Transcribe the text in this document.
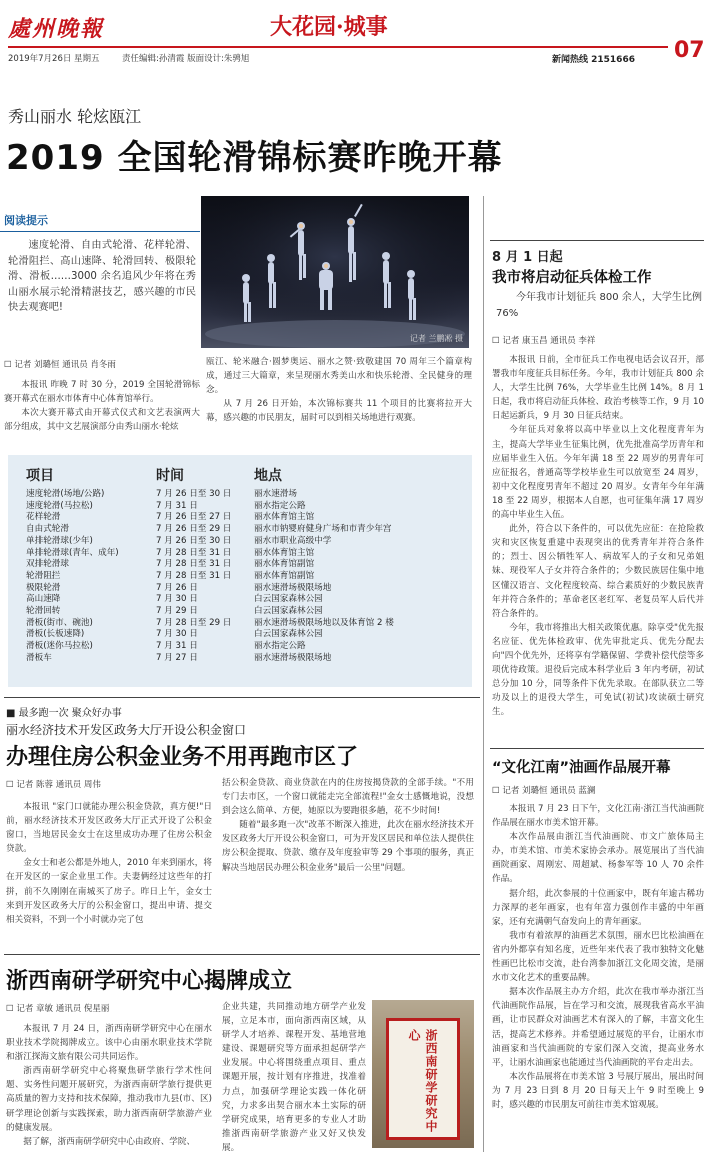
處州晚報	大花园·城事
2019年7月26日 星期五	责任编辑:孙清霞 版面设计:朱骋旭	新闻热线 2151666 07
秀山丽水 轮炫瓯江
2019 全国轮滑锦标赛昨晚开幕
阅读提示
速度轮滑、自由式轮滑、花样轮滑、轮滑阻拦、高山速降、轮滑回转、极限轮滑、滑板……3000 余名追风少年将在秀山丽水展示轮滑精湛技艺，感兴趣的市民快去观赛吧!
记者 兰鹏凇 摄
☐ 记者 刘璐恒 通讯员 肖冬雨
本报讯 昨晚 7 时 30 分，2019 全国轮滑锦标赛开幕式在丽水市体育中心体育馆举行。
本次大赛开幕式由开幕式仪式和文艺表演两大部分组成，其中文艺展演部分由秀山丽水·轮炫
瓯江、轮米融合·圆梦奥运、丽水之赞·致敬建国 70 周年三个篇章构成，通过三大篇章，来呈现丽水秀美山水和快乐轮滑、全民健身的理念。
从 7 月 26 日开始，本次锦标赛共 11 个项目的比赛将拉开大幕，感兴趣的市民朋友，届时可以到相关场地进行观赛。
项目	时间	地点
速度轮滑(场地/公路)	7 月 26 日至 30 日	丽水速滑场
速度轮滑(马拉松)	7 月 31 日	丽水指定公路
花样轮滑	7 月 26 日至 27 日	丽水体育馆主馆
自由式轮滑	7 月 26 日至 29 日	丽水市钠婴府健身广场和市青少年宫
单排轮滑球(少年)	7 月 26 日至 30 日	丽水市职业高级中学
单排轮滑球(青年、成年)	7 月 28 日至 31 日	丽水体育馆主馆
双排轮滑球	7 月 28 日至 31 日	丽水体育馆副馆
轮滑阻拦	7 月 28 日至 31 日	丽水体育馆副馆
极限轮滑	7 月 26 日	丽水速滑场极限场地
高山速降	7 月 30 日	白云国家森林公园
轮滑回转	7 月 29 日	白云国家森林公园
滑板(街市、碗池)	7 月 28 日至 29 日	丽水速滑场极限场地以及体育馆 2 楼
滑板(长板速降)	7 月 30 日	白云国家森林公园
滑板(迷你马拉松)	7 月 31 日	丽水指定公路
滑板车	7 月 27 日	丽水速滑场极限场地
■ 最多跑一次 聚众好办事
丽水经济技术开发区政务大厅开设公积金窗口
办理住房公积金业务不用再跑市区了
☐ 记者 陈蓉 通讯员 周伟
本报讯 "家门口就能办理公积金贷款，真方便!"日前，丽水经济技术开发区政务大厅正式开设了公积金窗口，当地居民金女士在这里成功办理了住房公积金贷款。
金女士和老公都是外地人，2010 年来到丽水，将在开发区的一家企业里工作。夫妻俩经过这些年的打拼，前不久刚刚在南城买了房子。昨日上午，金女士来到开发区政务大厅的公积金窗口，提出申请、提交相关资料，不到一个小时就办完了包
括公积金贷款、商业贷款在内的住房按揭贷款的全部手续。"不用专门去市区，一个窗口就能走完全部流程!"金女士感慨地说，没想到会这么简单、方便，她原以为要跑很多趟，花不少时间!
随着"最多跑一次"改革不断深入推进，此次在丽水经济技术开发区政务大厅开设公积金窗口，可为开发区居民和单位法人提供住房公积金提取、贷款、缴存及年度验审等 29 个事项的服务，真正解决当地居民办理公积金业务"最后一公里"问题。
浙西南研学研究中心揭牌成立
☐ 记者 章敏 通讯员 倪星丽
本报讯 7 月 24 日，浙西南研学研究中心在丽水职业技术学院揭牌成立。该中心由丽水职业技术学院和浙江探海文旅有限公司共同运作。
浙西南研学研究中心将聚焦研学旅行学术性问题、实务性问题开展研究，为浙西南研学旅行提供更高质量的智力支持和技术保障，推动我市九县(市、区)研学理论创新与实践探索，助力浙西南研学旅游产业的健康发展。
据了解，浙西南研学研究中心由政府、学院、
企业共建，共同推动地方研学产业发展，立足本市，面向浙西南区域，从研学人才培养、课程开发、基地营地建设、课题研究等方面承担起研学产业发展。中心将围绕重点项目、重点课题开展，按计划有序推进，找准着力点，加强研学理论实践一体化研究，力求多出契合丽水本土实际的研学研究成果，培育更多的专业人才助推浙西南研学旅游产业又好又快发展。
浙西南研学研究中心
8 月 1 日起
我市将启动征兵体检工作
今年我市计划征兵 800 余人，大学生比例 76%
☐ 记者 康玉昌 通讯员 李祥
本报讯 日前，全市征兵工作电视电话会议召开，部署我市年度征兵目标任务。今年，我市计划征兵 800 余人，大学生比例 76%，大学毕业生比例 14%。8 月 1 日起，我市将启动征兵体检、政治考核等工作，9 月 10 日起运新兵，9 月 30 日征兵结束。
今年征兵对象将以高中毕业以上文化程度青年为主，提高大学毕业生征集比例，优先批准高学历青年和应届毕业生入伍。今年年满 18 至 22 周岁的男青年可应征报名，普通高等学校毕业生可以放宽至 24 周岁，初中文化程度男青年不超过 20 周岁。女青年今年年满 18 至 22 周岁，根据本人自愿，也可征集年满 17 周岁的高中毕业生入伍。
此外，符合以下条件的，可以优先应征：在抢险救灾和灾区恢复重建中表现突出的优秀青年并符合条件的；烈士、因公牺牲军人、病故军人的子女和兄弟姐妹、现役军人子女并符合条件的；少数民族居住集中地区懂汉语言、文化程度较高、综合素质好的少数民族青年并符合条件的；革命老区老红军、老复员军人后代并符合条件的。
今年，我市将推出大相关政策优惠。除享受"优先报名应征、优先体检政审、优先审批定兵、优先分配去向"四个优先外，还将享有学籍保留、学费补偿代偿等多项优待政策。退役后完成本科学业后 3 年内考研，初试总分加 10 分，同等条件下优先录取。在部队获立二等功及以上的退役大学生，可免试(初试)攻读硕士研究生。
“文化江南”油画作品展开幕
☐ 记者 刘璐恒 通讯员 蓝澜
本报讯 7 月 23 日下午，文化江南·浙江当代油画院作品展在丽水市美术馆开幕。
本次作品展由浙江当代油画院、市文广旅体局主办，市美术馆、市美术家协会承办。展览展出了当代油画院画家、周刚宏、周超斌、杨参军等 10 人 70 余件作品。
据介绍，此次参展的十位画家中，既有年逾古稀功力深厚的老年画家，也有年富力强创作丰盛的中年画家，还有充满朝气奋发向上的青年画家。
我市有着浓厚的油画艺术氛围，丽水巴比松油画在省内外都享有知名度，近些年来代表了我市独特文化魅性画巴比松市交流，赴台湾参加浙江文化周交流，是丽水市文化艺术的重要品牌。
据本次作品展主办方介绍，此次在我市举办浙江当代油画院作品展，旨在学习和交流，展现我省高水平油画，让市民群众对油画艺术有深入的了解，丰富文化生活，提高艺术修养。并希望通过展览的平台，让丽水市油画家和当代油画院的专家们深入交流，提高业务水平，让丽水油画家也能通过当代油画院的平台走出去。
本次作品展将在市美术馆 3 号展厅展出，展出时间为 7 月 23 日到 8 月 20 日每天上午 9 时至晚上 9 时，感兴趣的市民朋友可前往市美术馆观展。
